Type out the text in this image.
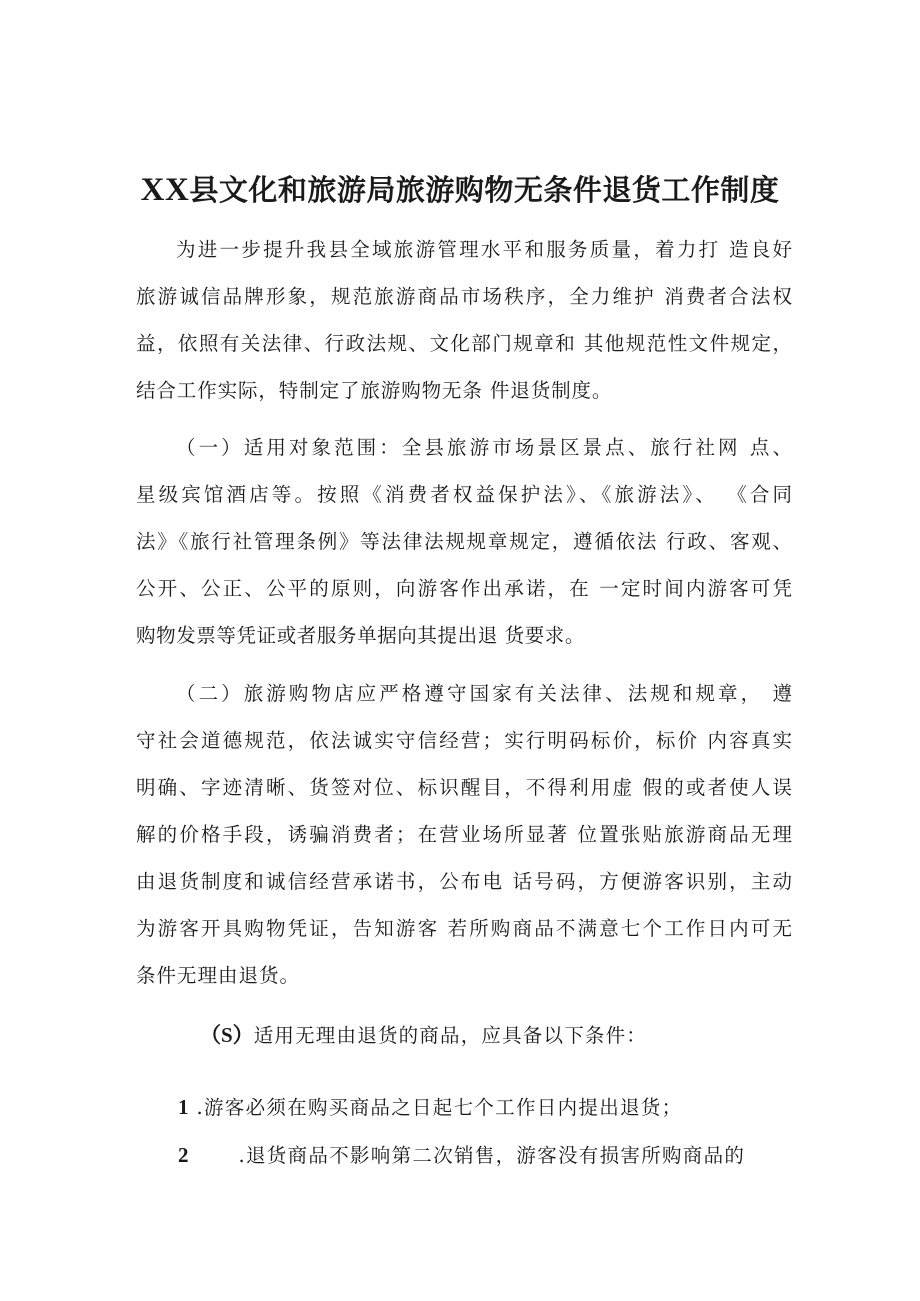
XX县文化和旅游局旅游购物无条件退货工作制度
为进一步提升我县全域旅游管理水平和服务质量，着力打 造良好
旅游诚信品牌形象，规范旅游商品市场秩序，全力维护 消费者合法权
益，依照有关法律、行政法规、文化部门规章和 其他规范性文件规定，
结合工作实际，特制定了旅游购物无条 件退货制度。
（一）适用对象范围：全县旅游市场景区景点、旅行社网 点、
星级宾馆酒店等。按照《消费者权益保护法》、《旅游法》、 《合同
法》《旅行社管理条例》等法律法规规章规定，遵循依法 行政、客观、
公开、公正、公平的原则，向游客作出承诺，在 一定时间内游客可凭
购物发票等凭证或者服务单据向其提出退 货要求。
（二）旅游购物店应严格遵守国家有关法律、法规和规章， 遵
守社会道德规范，依法诚实守信经营；实行明码标价，标价 内容真实
明确、字迹清晰、货签对位、标识醒目，不得利用虚 假的或者使人误
解的价格手段，诱骗消费者；在营业场所显著 位置张贴旅游商品无理
由退货制度和诚信经营承诺书，公布电 话号码，方便游客识别，主动
为游客开具购物凭证，告知游客 若所购商品不满意七个工作日内可无
条件无理由退货。
（S）适用无理由退货的商品，应具备以下条件：
1 .游客必须在购买商品之日起七个工作日内提出退货；
2	.退货商品不影响第二次销售，游客没有损害所购商品的
